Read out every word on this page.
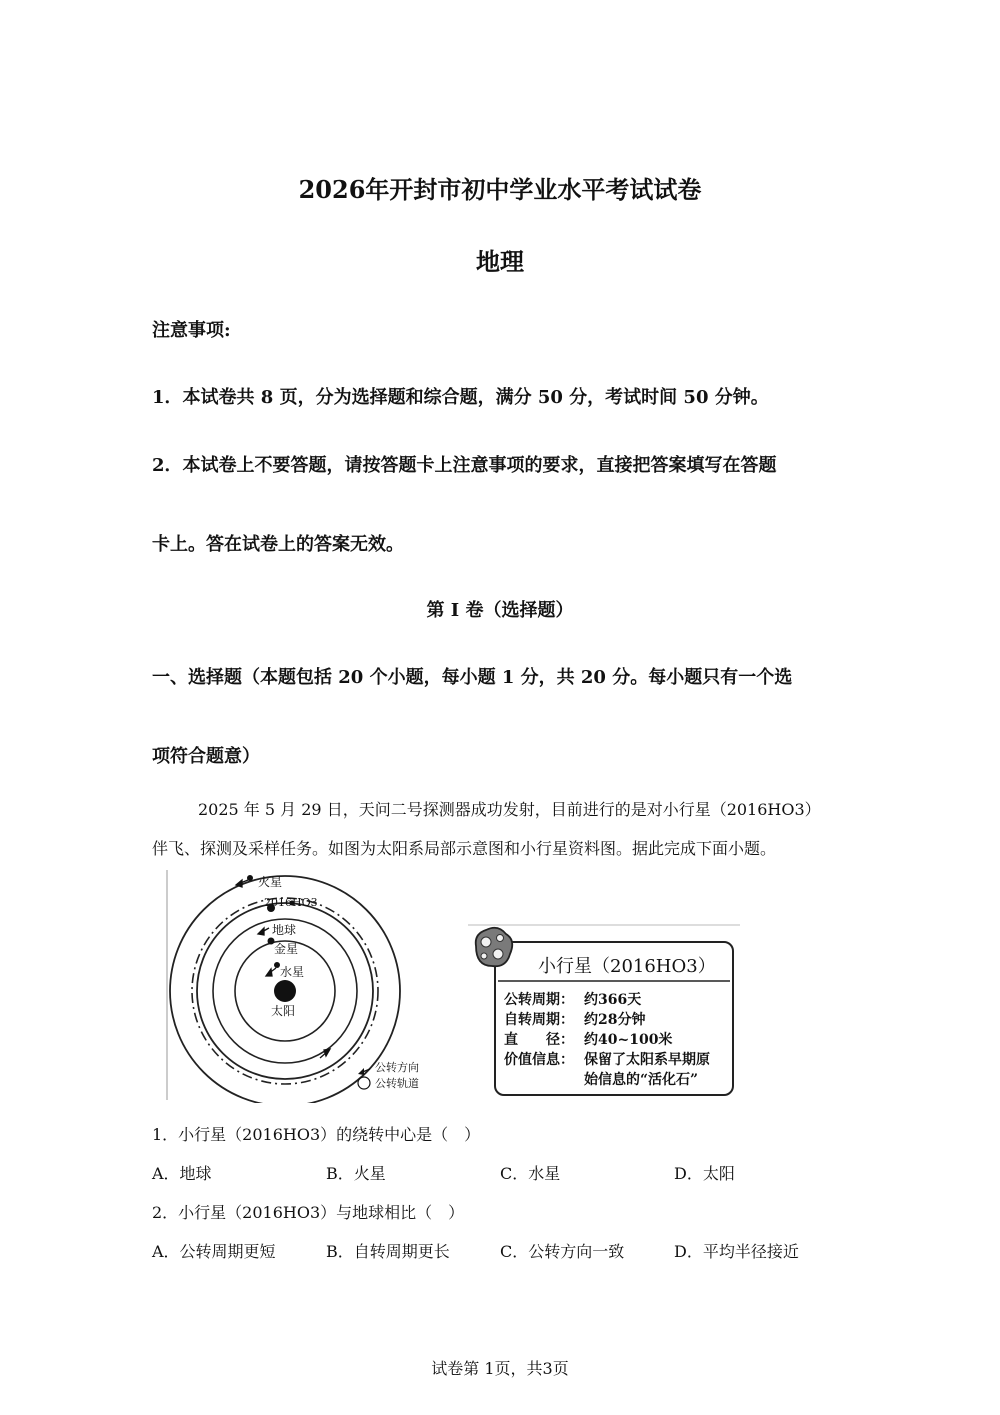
2026年开封市初中学业水平考试试卷
地理
注意事项:
1．本试卷共 8 页，分为选择题和综合题，满分 50 分，考试时间 50 分钟。
2．本试卷上不要答题，请按答题卡上注意事项的要求，直接把答案填写在答题
卡上。答在试卷上的答案无效。
第 I 卷（选择题）
一、选择题（本题包括 20 个小题，每小题 1 分，共 20 分。每小题只有一个选
项符合题意）
2025 年 5 月 29 日，天问二号探测器成功发射，目前进行的是对小行星（2016HO3）
伴飞、探测及采样任务。如图为太阳系局部示意图和小行星资料图。据此完成下面小题。
火星
2016HO3
地球
金星
水星
太阳
公转方向
公转轨道
小行星（2016HO3）
公转周期： 约366天
自转周期： 约28分钟
直　　径： 约40~100米
价值信息： 保留了太阳系早期原
始信息的“活化石”
1．小行星（2016HO3）的绕转中心是（　）
A．地球	B．火星	C．水星	D．太阳
2．小行星（2016HO3）与地球相比（　）
A．公转周期更短	B．自转周期更长	C．公转方向一致	D．平均半径接近
试卷第 1页，共3页
